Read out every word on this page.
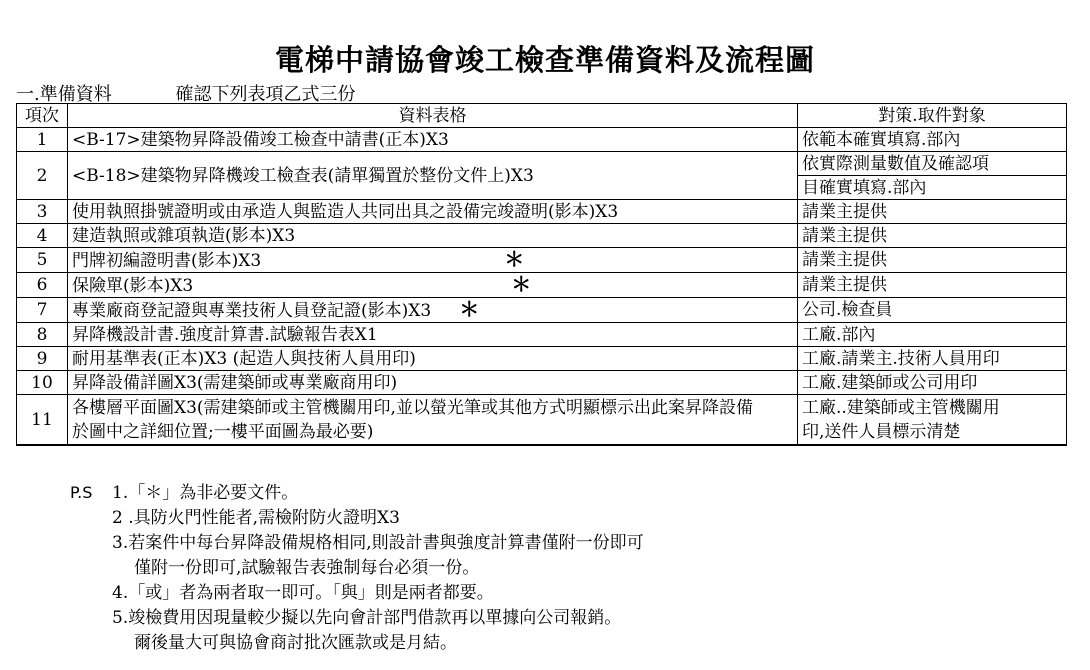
電梯中請協會竣工檢查準備資料及流程圖
一.準備資料	確認下列表項乙式三份
項次	資料表格	對策.取件對象
1	<B-17>建築物昇降設備竣工檢查中請書(正本)X3	依範本確實填寫.部內
2	<B-18>建築物昇降機竣工檢查表(請單獨置於整份文件上)X3	依實際測量數值及確認項
		目確實填寫.部內
3	使用執照掛號證明或由承造人與監造人共同出具之設備完竣證明(影本)X3	請業主提供
4	建造執照或雜項執造(影本)X3	請業主提供
5	門牌初編證明書(影本)X3 ＊	請業主提供
6	保險單(影本)X3 ＊	請業主提供
7	專業廠商登記證與專業技術人員登記證(影本)X3 ＊	公司.檢查員
8	昇降機設計書.強度計算書.試驗報告表X1	工廠.部內
9	耐用基準表(正本)X3 (起造人與技術人員用印)	工廠.請業主.技術人員用印
10	昇降設備詳圖X3(需建築師或專業廠商用印)	工廠.建築師或公司用印
11	各樓層平面圖X3(需建築師或主管機關用印,並以螢光筆或其他方式明顯標示出此案昇降設備於圖中之詳細位置;一樓平面圖為最必要)	工廠..建築師或主管機關用
印,送件人員標示清楚
P.S 1.「＊」為非必要文件。
2 .具防火門性能者,需檢附防火證明X3
3.若案件中每台昇降設備規格相同,則設計書與強度計算書僅附一份即可
僅附一份即可,試驗報告表強制每台必須一份。
4.「或」者為兩者取一即可。「與」則是兩者都要。
5.竣檢費用因現量較少擬以先向會計部門借款再以單據向公司報銷。
爾後量大可與協會商討批次匯款或是月結。
